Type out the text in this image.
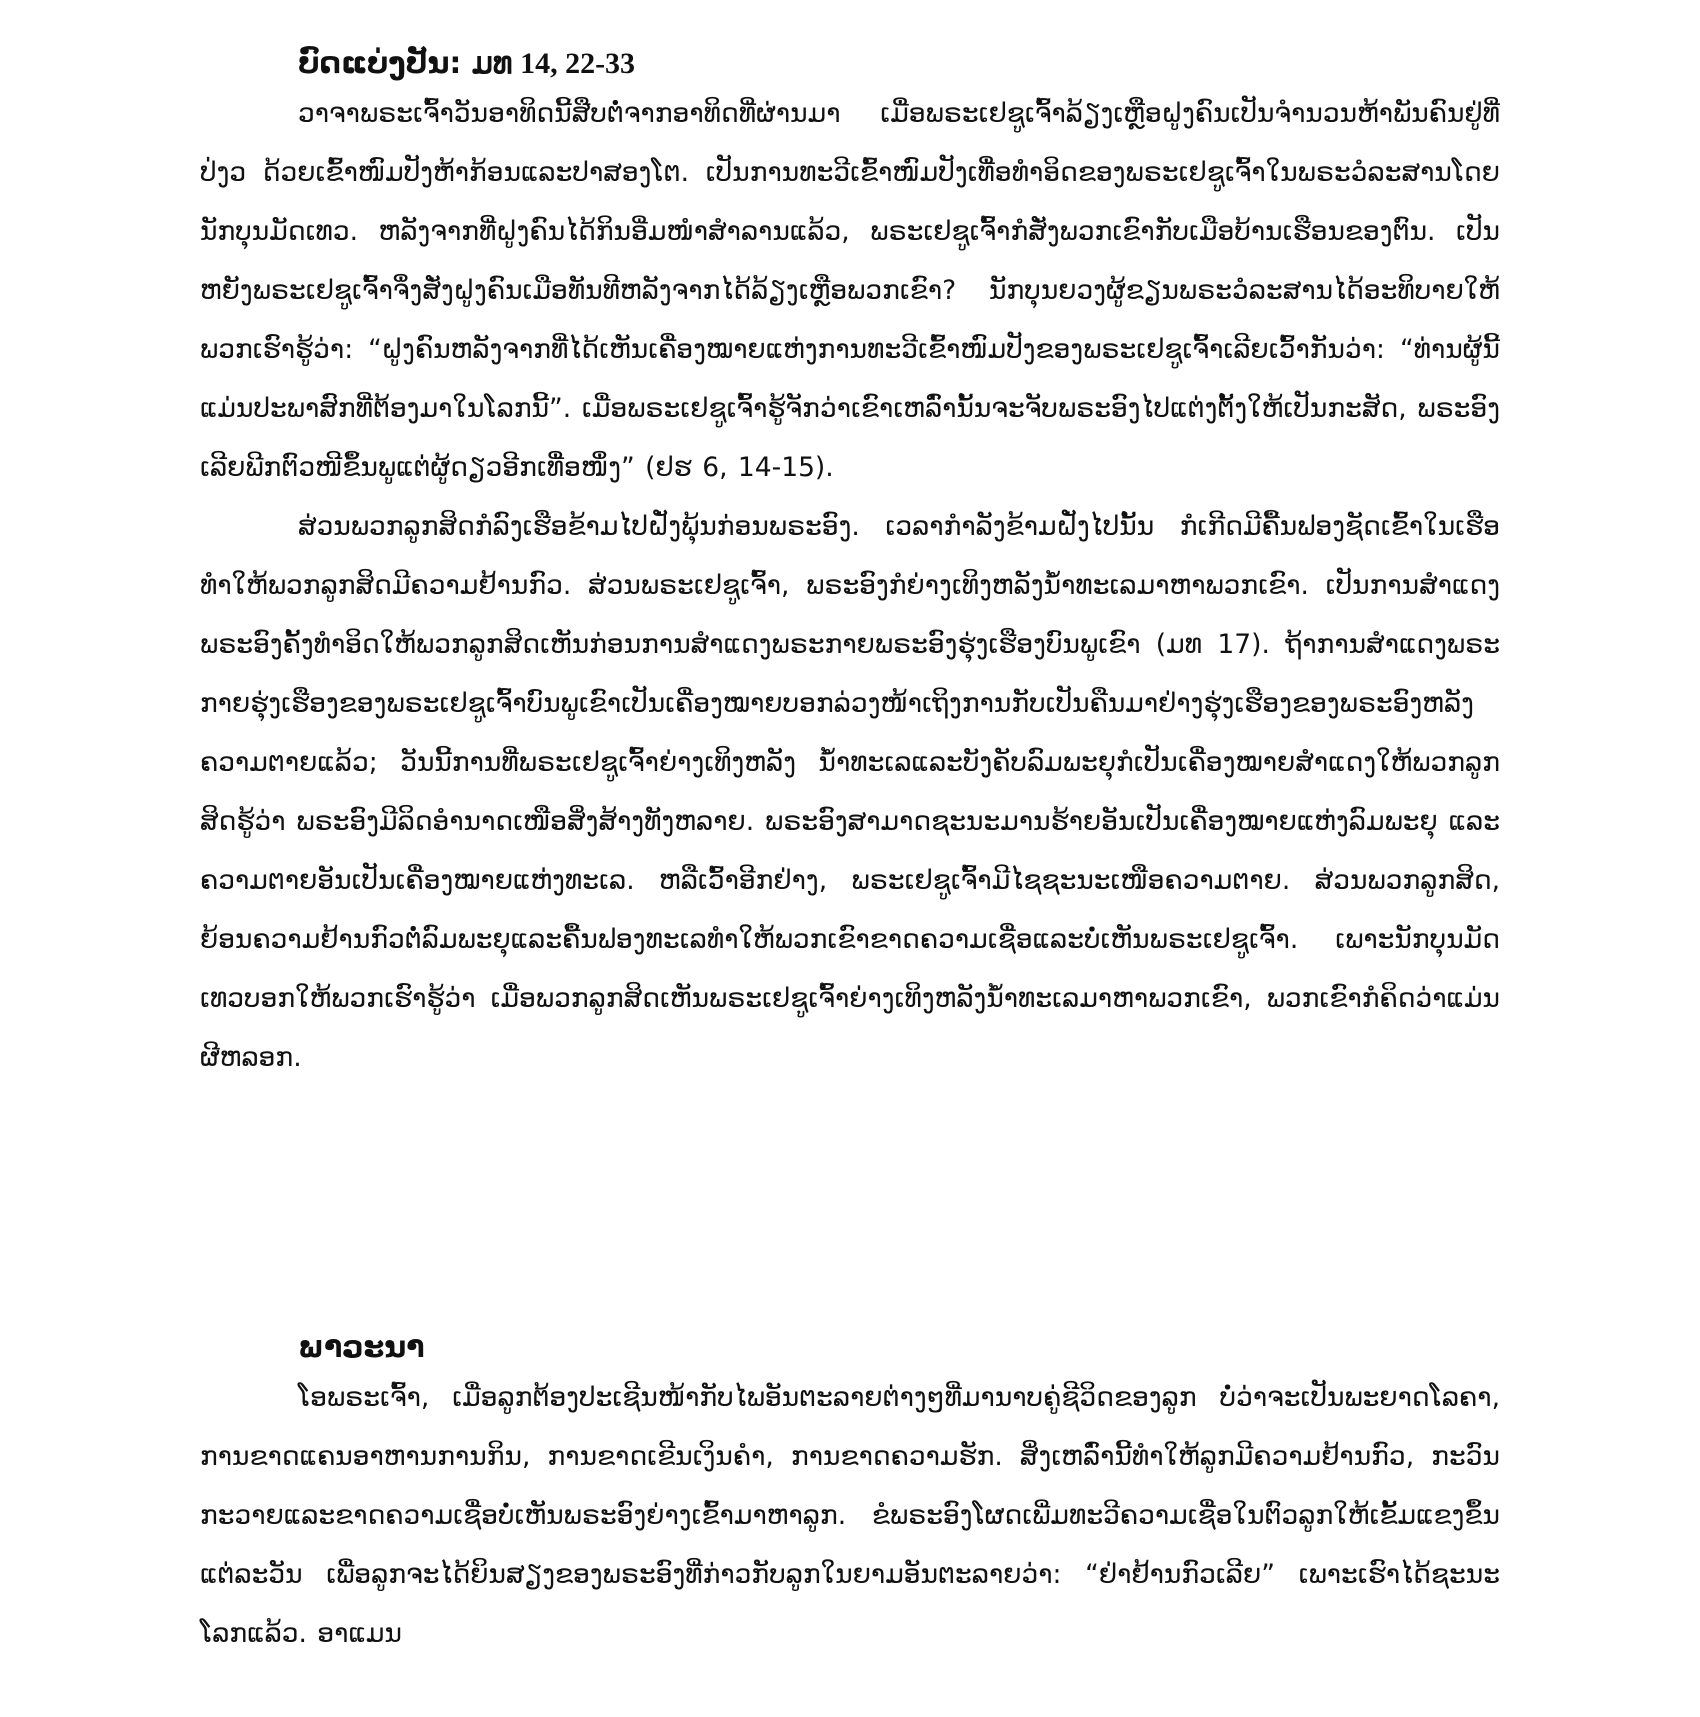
ບົດແບ່ງປັນ: ມທ 14, 22-33

ວາຈາພຣະເຈົ້າວັນອາທິດນີ້ສືບຕໍ່ຈາກອາທິດທີ່ຜ່ານມາ ເມື່ອພຣະເຢຊູເຈົ້າລ້ຽງເຫຼືອຝູງຄົນເປັນຈຳນວນຫ້າພັນຄົນຢູ່ທີ່ປ່ງວ ດ້ວຍເຂົ້າໜົມປັງຫ້າກ້ອນແລະປາສອງໂຕ. ເປັນການທະວີເຂົ້າໜົມປັງເທື່ອທຳອິດຂອງພຣະເຢຊູເຈົ້າໃນພຣະວໍລະສານໂດຍນັກບຸນມັດເທວ. ຫລັງຈາກທີ່ຝູງຄົນໄດ້ກິນອີ່ມໜຳສຳລານແລ້ວ, ພຣະເຢຊູເຈົ້າກໍສັ່ງພວກເຂົາກັບເມືອບ້ານເຮືອນຂອງຕົນ. ເປັນຫຍັງພຣະເຢຊູເຈົ້າຈຶ່ງສັ່ງຝູງຄົນເມືອທັນທີຫລັງຈາກໄດ້ລ້ຽງເຫຼືອພວກເຂົາ? ນັກບຸນຍວງຜູ້ຂຽນພຣະວໍລະສານໄດ້ອະທິບາຍໃຫ້ພວກເຮົາຮູ້ວ່າ: “ຝູງຄົນຫລັງຈາກທີ່ໄດ້ເຫັນເຄື່ອງໝາຍແຫ່ງການທະວີເຂົ້າໜົມປັງຂອງພຣະເຢຊູເຈົ້າເລີຍເວົ້າກັນວ່າ: “ທ່ານຜູ້ນີ້ແມ່ນປະພາສົກທີ່ຕ້ອງມາໃນໂລກນີ້”. ເມື່ອພຣະເຢຊູເຈົ້າຮູ້ຈັກວ່າເຂົາເຫລົ່ານັ້ນຈະຈັບພຣະອົງໄປແຕ່ງຕັ້ງໃຫ້ເປັນກະສັດ, ພຣະອົງເລີຍພີກຕົວໜີຂຶ້ນພູແຕ່ຜູ້ດຽວອີກເທື່ອໜຶ່ງ” (ຢຮ 6, 14-15).

ສ່ວນພວກລູກສິດກໍລົງເຮືອຂ້າມໄປຝັ່ງພຸ້ນກ່ອນພຣະອົງ. ເວລາກຳລັງຂ້າມຝັ່ງໄປນັ້ນ ກໍເກີດມີຄື້ນຟອງຊັດເຂົ້າໃນເຮືອທຳໃຫ້ພວກລູກສິດມີຄວາມຢ້ານກົວ. ສ່ວນພຣະເຢຊູເຈົ້າ, ພຣະອົງກໍຍ່າງເທິງຫລັງນ້ຳທະເລມາຫາພວກເຂົາ. ເປັນການສຳແດງພຣະອົງຄັ້ງທຳອິດໃຫ້ພວກລູກສິດເຫັນກ່ອນການສຳແດງພຣະກາຍພຣະອົງຮຸ່ງເຮືອງບົນພູເຂົາ (ມທ 17). ຖ້າການສຳແດງພຣະກາຍຮຸ່ງເຮືອງຂອງພຣະເຢຊູເຈົ້າບົນພູເຂົາເປັນເຄື່ອງໝາຍບອກລ່ວງໜ້າເຖິງການກັບເປັນຄືນມາຢ່າງຮຸ່ງເຮືອງຂອງພຣະອົງຫລັງຄວາມຕາຍແລ້ວ; ວັນນີ້ການທີ່ພຣະເຢຊູເຈົ້າຍ່າງເທິງຫລັງ ນ້ຳທະເລແລະບັງຄັບລົມພະຍຸກໍເປັນເຄື່ອງໝາຍສຳແດງໃຫ້ພວກລູກສິດຮູ້ວ່າ ພຣະອົງມີລິດອຳນາດເໜືອສິ່ງສ້າງທັງຫລາຍ. ພຣະອົງສາມາດຊະນະມານຮ້າຍອັນເປັນເຄື່ອງໝາຍແຫ່ງລົມພະຍຸ ແລະຄວາມຕາຍອັນເປັນເຄື່ອງໝາຍແຫ່ງທະເລ. ຫລືເວົ້າອີກຢ່າງ, ພຣະເຢຊູເຈົ້າມີໄຊຊະນະເໜືອຄວາມຕາຍ. ສ່ວນພວກລູກສິດ, ຍ້ອນຄວາມຢ້ານກົວຕໍ່ລົມພະຍຸແລະຄື້ນຟອງທະເລທຳໃຫ້ພວກເຂົາຂາດຄວາມເຊື່ອແລະບໍ່ເຫັນພຣະເຢຊູເຈົ້າ. ເພາະນັກບຸນມັດເທວບອກໃຫ້ພວກເຮົາຮູ້ວ່າ ເມື່ອພວກລູກສິດເຫັນພຣະເຢຊູເຈົ້າຍ່າງເທິງຫລັງນ້ຳທະເລມາຫາພວກເຂົາ, ພວກເຂົາກໍຄິດວ່າແມ່ນຜີຫລອກ.

ພາວະນາ

ໂອພຣະເຈົ້າ, ເມື່ອລູກຕ້ອງປະເຊີນໜ້າກັບໄພອັນຕະລາຍຕ່າງໆທີ່ມານາບຄູ່ຊີວິດຂອງລູກ ບໍ່ວ່າຈະເປັນພະຍາດໂລຄາ, ການຂາດແຄນອາຫານການກິນ, ການຂາດເຂີນເງິນຄຳ, ການຂາດຄວາມຮັກ. ສິ່ງເຫລົ່ານີ້ທຳໃຫ້ລູກມີຄວາມຢ້ານກົວ, ກະວົນກະວາຍແລະຂາດຄວາມເຊື່ອບໍ່ເຫັນພຣະອົງຍ່າງເຂົ້າມາຫາລູກ. ຂໍພຣະອົງໂຜດເພີ່ມທະວີຄວາມເຊື່ອໃນຕົວລູກໃຫ້ເຂັ້ມແຂງຂຶ້ນແຕ່ລະວັນ ເພື່ອລູກຈະໄດ້ຍິນສຽງຂອງພຣະອົງທີ່ກ່າວກັບລູກໃນຍາມອັນຕະລາຍວ່າ: “ຢ່າຢ້ານກົວເລີຍ” ເພາະເຮົາໄດ້ຊະນະໂລກແລ້ວ. ອາແມນ
